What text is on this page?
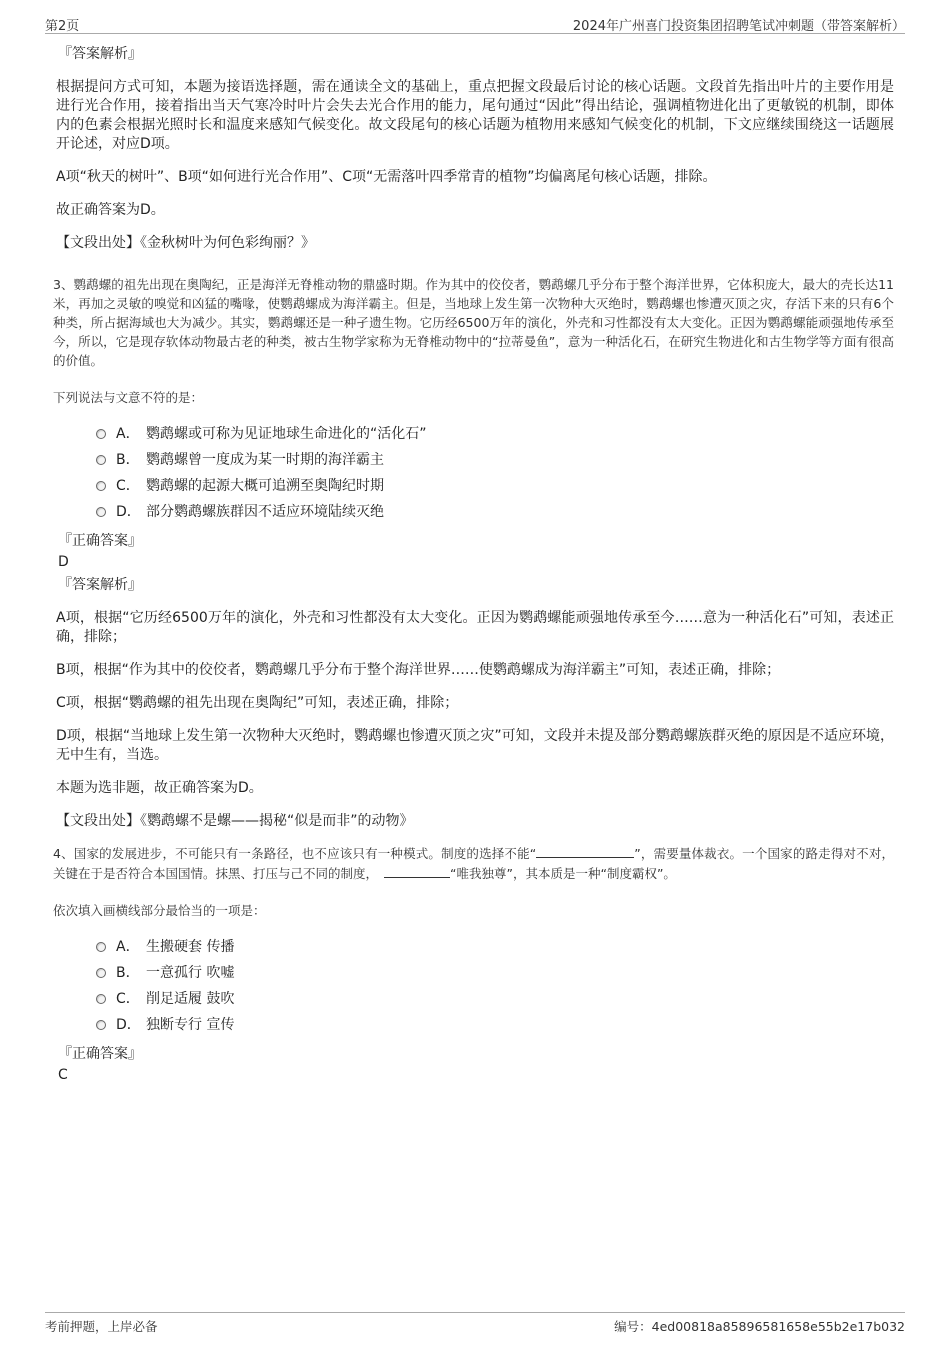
第2页	2024年广州喜门投资集团招聘笔试冲刺题（带答案解析）
『答案解析』

根据提问方式可知，本题为接语选择题，需在通读全文的基础上，重点把握文段最后讨论的核心话题。文段首先指出叶片的主要作用是进行光合作用，接着指出当天气寒冷时叶片会失去光合作用的能力，尾句通过“因此”得出结论，强调植物进化出了更敏锐的机制，即体内的色素会根据光照时长和温度来感知气候变化。故文段尾句的核心话题为植物用来感知气候变化的机制，下文应继续围绕这一话题展开论述，对应D项。

A项“秋天的树叶”、B项“如何进行光合作用”、C项“无需落叶四季常青的植物”均偏离尾句核心话题，排除。

故正确答案为D。

【文段出处】《金秋树叶为何色彩绚丽？》

3、鹦鹉螺的祖先出现在奥陶纪，正是海洋无脊椎动物的鼎盛时期。作为其中的佼佼者，鹦鹉螺几乎分布于整个海洋世界，它体积庞大，最大的壳长达11米，再加之灵敏的嗅觉和凶猛的嘴喙，使鹦鹉螺成为海洋霸主。但是，当地球上发生第一次物种大灭绝时，鹦鹉螺也惨遭灭顶之灾，存活下来的只有6个种类，所占据海域也大为减少。其实，鹦鹉螺还是一种孑遗生物。它历经6500万年的演化，外壳和习性都没有太大变化。正因为鹦鹉螺能顽强地传承至今，所以，它是现存软体动物最古老的种类，被古生物学家称为无脊椎动物中的“拉蒂曼鱼”，意为一种活化石，在研究生物进化和古生物学等方面有很高的价值。

下列说法与文意不符的是：

A． 鹦鹉螺或可称为见证地球生命进化的“活化石”
B． 鹦鹉螺曾一度成为某一时期的海洋霸主
C． 鹦鹉螺的起源大概可追溯至奥陶纪时期
D． 部分鹦鹉螺族群因不适应环境陆续灭绝
『正确答案』
D
『答案解析』

A项，根据“它历经6500万年的演化，外壳和习性都没有太大变化。正因为鹦鹉螺能顽强地传承至今……意为一种活化石”可知，表述正确，排除；

B项，根据“作为其中的佼佼者，鹦鹉螺几乎分布于整个海洋世界……使鹦鹉螺成为海洋霸主”可知，表述正确，排除；

C项，根据“鹦鹉螺的祖先出现在奥陶纪”可知，表述正确，排除；

D项，根据“当地球上发生第一次物种大灭绝时，鹦鹉螺也惨遭灭顶之灾”可知，文段并未提及部分鹦鹉螺族群灭绝的原因是不适应环境，无中生有，当选。

本题为选非题，故正确答案为D。

【文段出处】《鹦鹉螺不是螺——揭秘“似是而非”的动物》

4、国家的发展进步，不可能只有一条路径，也不应该只有一种模式。制度的选择不能“	”，需要量体裁衣。一个国家的路走得对不对，关键在于是否符合本国国情。抹黑、打压与己不同的制度，	“唯我独尊”，其本质是一种“制度霸权”。

依次填入画横线部分最恰当的一项是：

A． 生搬硬套 传播
B． 一意孤行 吹嘘
C． 削足适履 鼓吹
D． 独断专行 宣传
『正确答案』
C
考前押题，上岸必备	编号：4ed00818a85896581658e55b2e17b032
